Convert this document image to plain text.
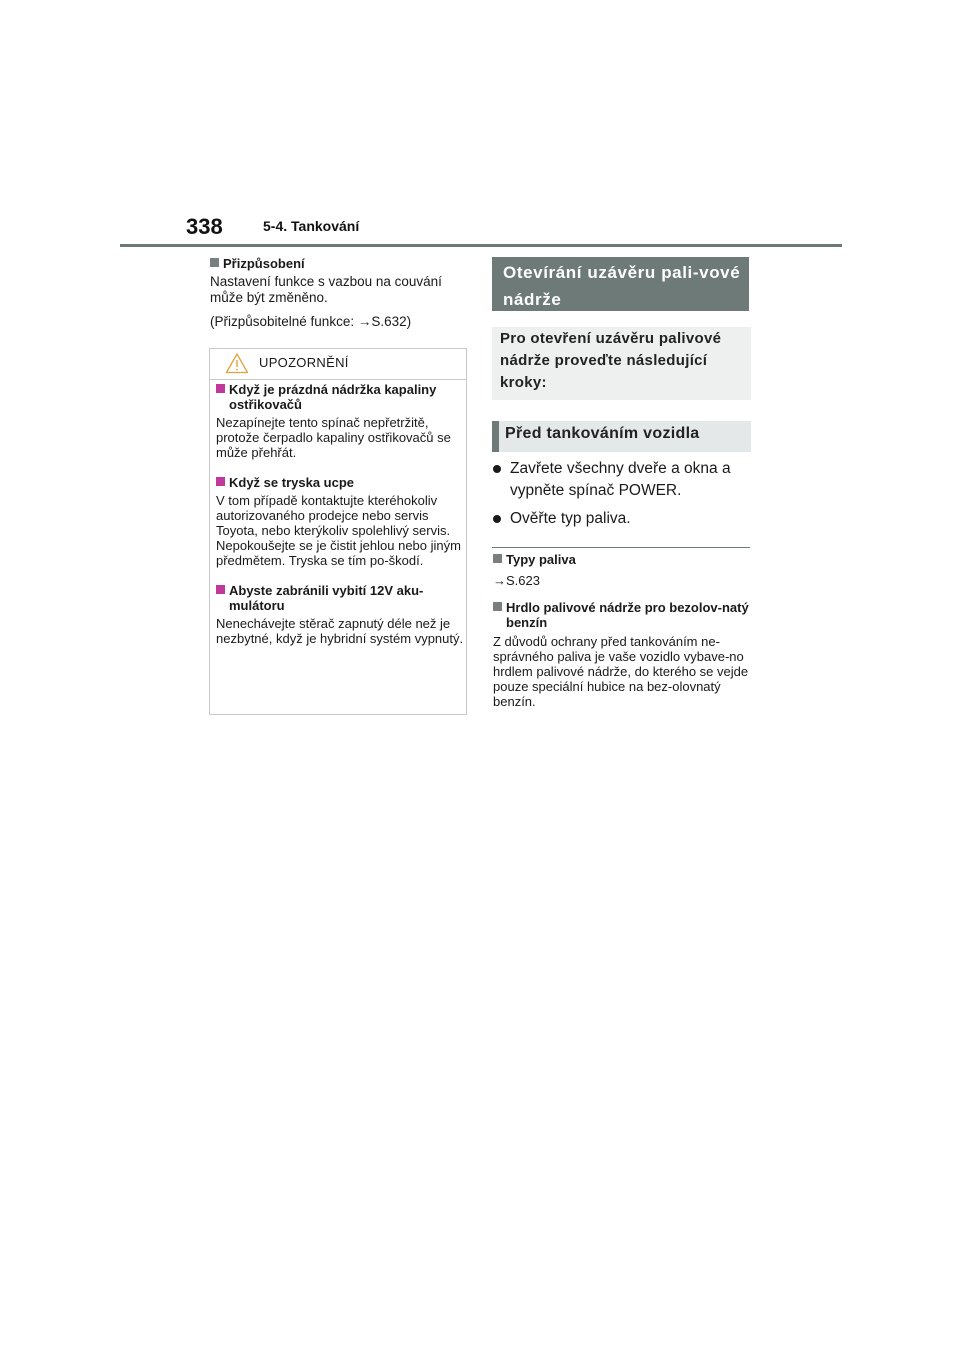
338	5-4. Tankování
Přizpůsobení
Nastavení funkce s vazbou na couvání může být změněno.
(Přizpůsobitelné funkce: →S.632)
UPOZORNĚNÍ
Když je prázdná nádržka kapaliny ostřikovačů
Nezapínejte tento spínač nepřetržitě, protože čerpadlo kapaliny ostřikovačů se může přehřát.
Když se tryska ucpe
V tom případě kontaktujte kteréhokoliv autorizovaného prodejce nebo servis Toyota, nebo kterýkoliv spolehlivý servis.
Nepokoušejte se je čistit jehlou nebo jiným předmětem. Tryska se tím po-škodí.
Abyste zabránili vybití 12V aku-mulátoru
Nenechávejte stěrač zapnutý déle než je nezbytné, když je hybridní systém vypnutý.
Otevírání uzávěru pali-vové nádrže
Pro otevření uzávěru palivové nádrže proveďte následující kroky:
Před tankováním vozidla
Zavřete všechny dveře a okna a vypněte spínač POWER.
Ověřte typ paliva.
Typy paliva
→S.623
Hrdlo palivové nádrže pro bezolov-natý benzín
Z důvodů ochrany před tankováním ne-správného paliva je vaše vozidlo vybave-no hrdlem palivové nádrže, do kterého se vejde pouze speciální hubice na bez-olovnatý benzín.
